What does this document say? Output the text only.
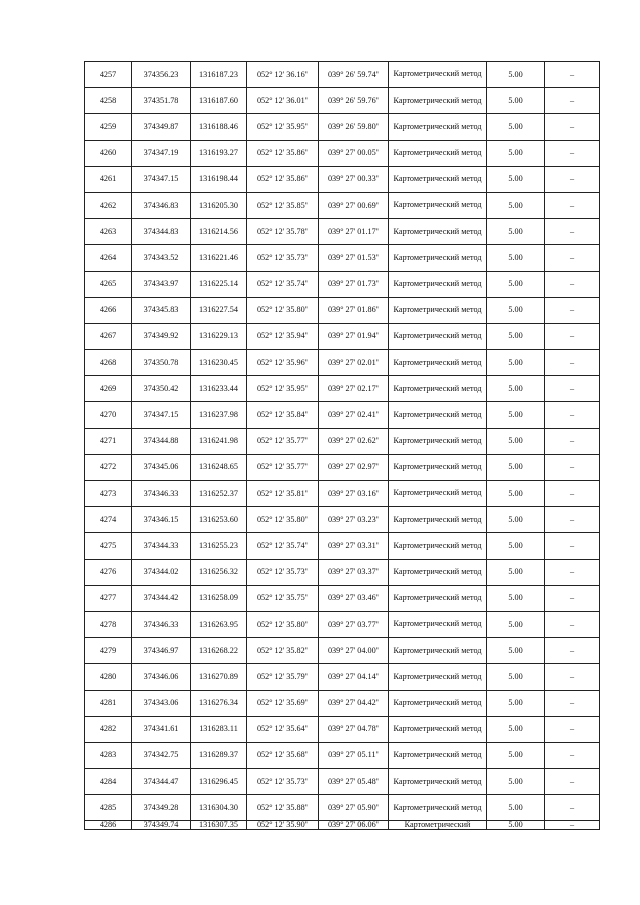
4257	374356.23	1316187.23	052° 12' 36.16"	039° 26' 59.74"	Картометрический метод	5.00	–
4258	374351.78	1316187.60	052° 12' 36.01"	039° 26' 59.76"	Картометрический метод	5.00	–
4259	374349.87	1316188.46	052° 12' 35.95"	039° 26' 59.80"	Картометрический метод	5.00	–
4260	374347.19	1316193.27	052° 12' 35.86"	039° 27' 00.05"	Картометрический метод	5.00	–
4261	374347.15	1316198.44	052° 12' 35.86"	039° 27' 00.33"	Картометрический метод	5.00	–
4262	374346.83	1316205.30	052° 12' 35.85"	039° 27' 00.69"	Картометрический метод	5.00	–
4263	374344.83	1316214.56	052° 12' 35.78"	039° 27' 01.17"	Картометрический метод	5.00	–
4264	374343.52	1316221.46	052° 12' 35.73"	039° 27' 01.53"	Картометрический метод	5.00	–
4265	374343.97	1316225.14	052° 12' 35.74"	039° 27' 01.73"	Картометрический метод	5.00	–
4266	374345.83	1316227.54	052° 12' 35.80"	039° 27' 01.86"	Картометрический метод	5.00	–
4267	374349.92	1316229.13	052° 12' 35.94"	039° 27' 01.94"	Картометрический метод	5.00	–
4268	374350.78	1316230.45	052° 12' 35.96"	039° 27' 02.01"	Картометрический метод	5.00	–
4269	374350.42	1316233.44	052° 12' 35.95"	039° 27' 02.17"	Картометрический метод	5.00	–
4270	374347.15	1316237.98	052° 12' 35.84"	039° 27' 02.41"	Картометрический метод	5.00	–
4271	374344.88	1316241.98	052° 12' 35.77"	039° 27' 02.62"	Картометрический метод	5.00	–
4272	374345.06	1316248.65	052° 12' 35.77"	039° 27' 02.97"	Картометрический метод	5.00	–
4273	374346.33	1316252.37	052° 12' 35.81"	039° 27' 03.16"	Картометрический метод	5.00	–
4274	374346.15	1316253.60	052° 12' 35.80"	039° 27' 03.23"	Картометрический метод	5.00	–
4275	374344.33	1316255.23	052° 12' 35.74"	039° 27' 03.31"	Картометрический метод	5.00	–
4276	374344.02	1316256.32	052° 12' 35.73"	039° 27' 03.37"	Картометрический метод	5.00	–
4277	374344.42	1316258.09	052° 12' 35.75"	039° 27' 03.46"	Картометрический метод	5.00	–
4278	374346.33	1316263.95	052° 12' 35.80"	039° 27' 03.77"	Картометрический метод	5.00	–
4279	374346.97	1316268.22	052° 12' 35.82"	039° 27' 04.00"	Картометрический метод	5.00	–
4280	374346.06	1316270.89	052° 12' 35.79"	039° 27' 04.14"	Картометрический метод	5.00	–
4281	374343.06	1316276.34	052° 12' 35.69"	039° 27' 04.42"	Картометрический метод	5.00	–
4282	374341.61	1316283.11	052° 12' 35.64"	039° 27' 04.78"	Картометрический метод	5.00	–
4283	374342.75	1316289.37	052° 12' 35.68"	039° 27' 05.11"	Картометрический метод	5.00	–
4284	374344.47	1316296.45	052° 12' 35.73"	039° 27' 05.48"	Картометрический метод	5.00	–
4285	374349.28	1316304.30	052° 12' 35.88"	039° 27' 05.90"	Картометрический метод	5.00	–
4286	374349.74	1316307.35	052° 12' 35.90"	039° 27' 06.06"	Картометрический	5.00	–
